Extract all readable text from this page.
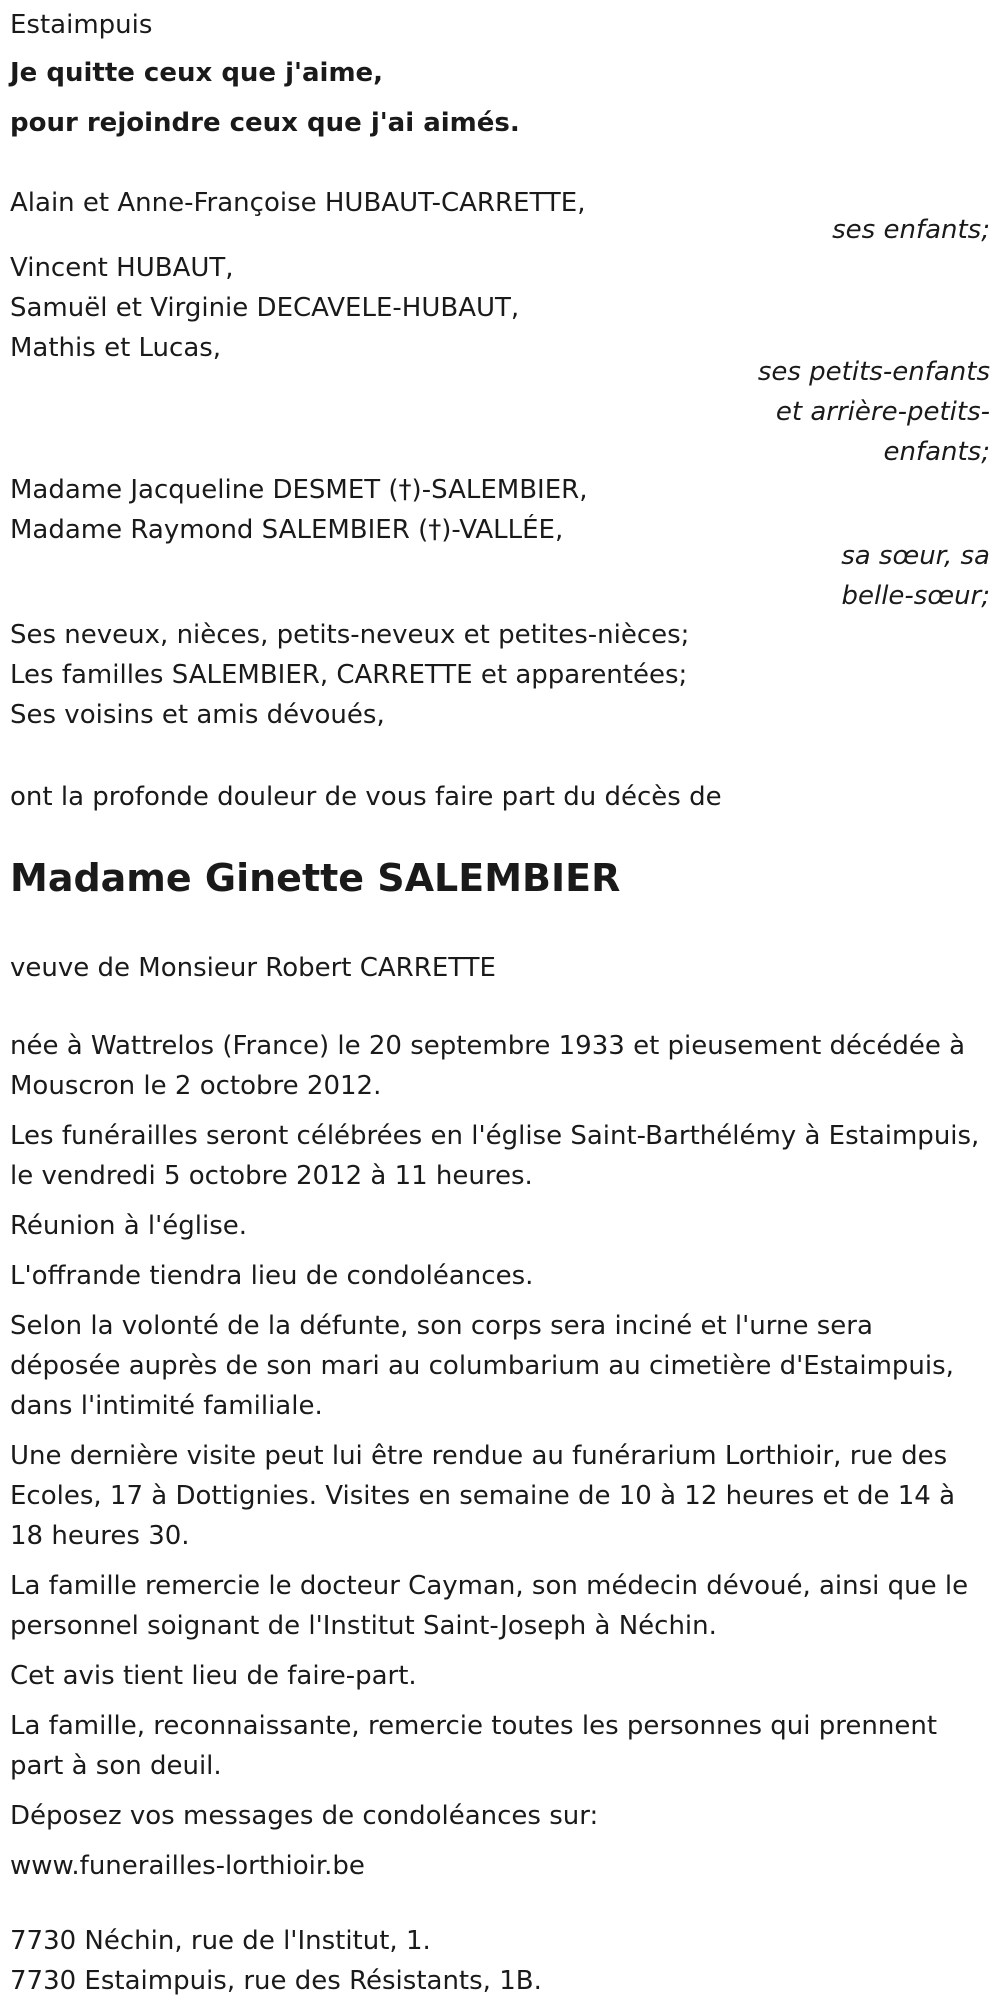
Estaimpuis
Je quitte ceux que j'aime,
pour rejoindre ceux que j'ai aimés.
Alain et Anne-Françoise HUBAUT-CARRETTE,
ses enfants;
Vincent HUBAUT,
Samuël et Virginie DECAVELE-HUBAUT,
Mathis et Lucas,
ses petits-enfants
et arrière-petits-
enfants;
Madame Jacqueline DESMET (†)-SALEMBIER,
Madame Raymond SALEMBIER (†)-VALLÉE,
sa sœur, sa
belle-sœur;
Ses neveux, nièces, petits-neveux et petites-nièces;
Les familles SALEMBIER, CARRETTE et apparentées;
Ses voisins et amis dévoués,
ont la profonde douleur de vous faire part du décès de
Madame Ginette SALEMBIER
veuve de Monsieur Robert CARRETTE
née à Wattrelos (France) le 20 septembre 1933 et pieusement décédée à Mouscron le 2 octobre 2012.
Les funérailles seront célébrées en l'église Saint-Barthélémy à Estaimpuis, le vendredi 5 octobre 2012 à 11 heures.
Réunion à l'église.
L'offrande tiendra lieu de condoléances.
Selon la volonté de la défunte, son corps sera inciné et l'urne sera déposée auprès de son mari au columbarium au cimetière d'Estaimpuis, dans l'intimité familiale.
Une dernière visite peut lui être rendue au funérarium Lorthioir, rue des Ecoles, 17 à Dottignies. Visites en semaine de 10 à 12 heures et de 14 à 18 heures 30.
La famille remercie le docteur Cayman, son médecin dévoué, ainsi que le personnel soignant de l'Institut Saint-Joseph à Néchin.
Cet avis tient lieu de faire-part.
La famille, reconnaissante, remercie toutes les personnes qui prennent part à son deuil.
Déposez vos messages de condoléances sur:
www.funerailles-lorthioir.be
7730 Néchin, rue de l'Institut, 1.
7730 Estaimpuis, rue des Résistants, 1B.
